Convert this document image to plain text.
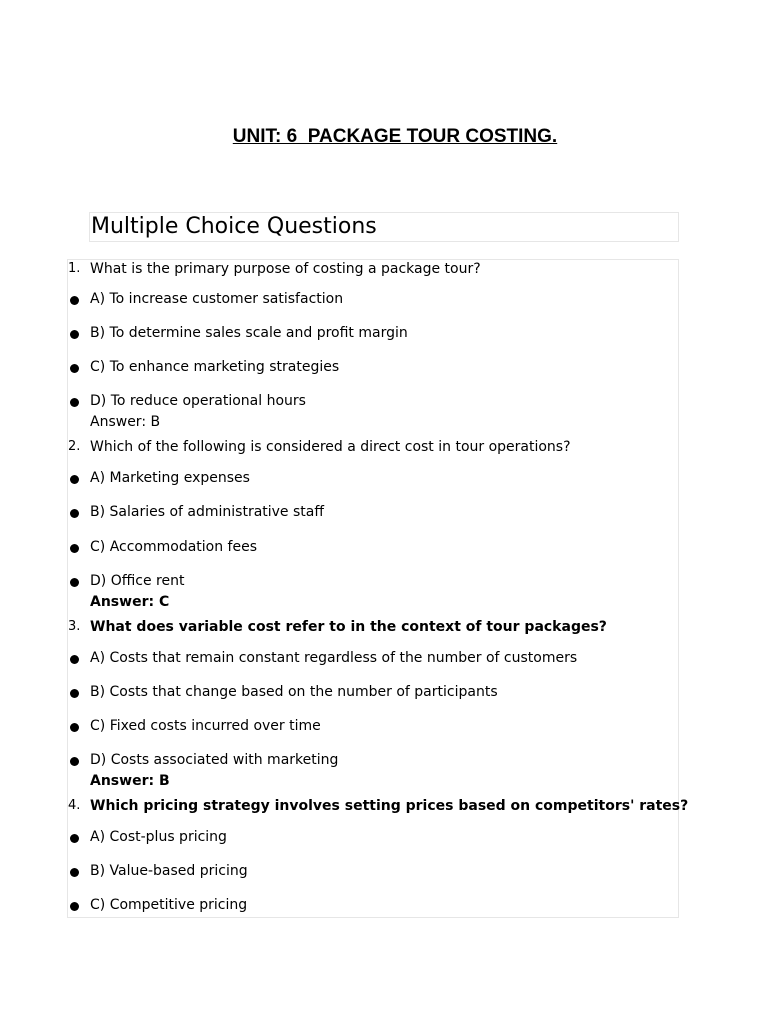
UNIT: 6  PACKAGE TOUR COSTING.
Multiple Choice Questions
1. What is the primary purpose of costing a package tour?
A) To increase customer satisfaction
B) To determine sales scale and profit margin
C) To enhance marketing strategies
D) To reduce operational hours
Answer: B
2. Which of the following is considered a direct cost in tour operations?
A) Marketing expenses
B) Salaries of administrative staff
C) Accommodation fees
D) Office rent
Answer: C
3. What does variable cost refer to in the context of tour packages?
A) Costs that remain constant regardless of the number of customers
B) Costs that change based on the number of participants
C) Fixed costs incurred over time
D) Costs associated with marketing
Answer: B
4. Which pricing strategy involves setting prices based on competitors' rates?
A) Cost-plus pricing
B) Value-based pricing
C) Competitive pricing
